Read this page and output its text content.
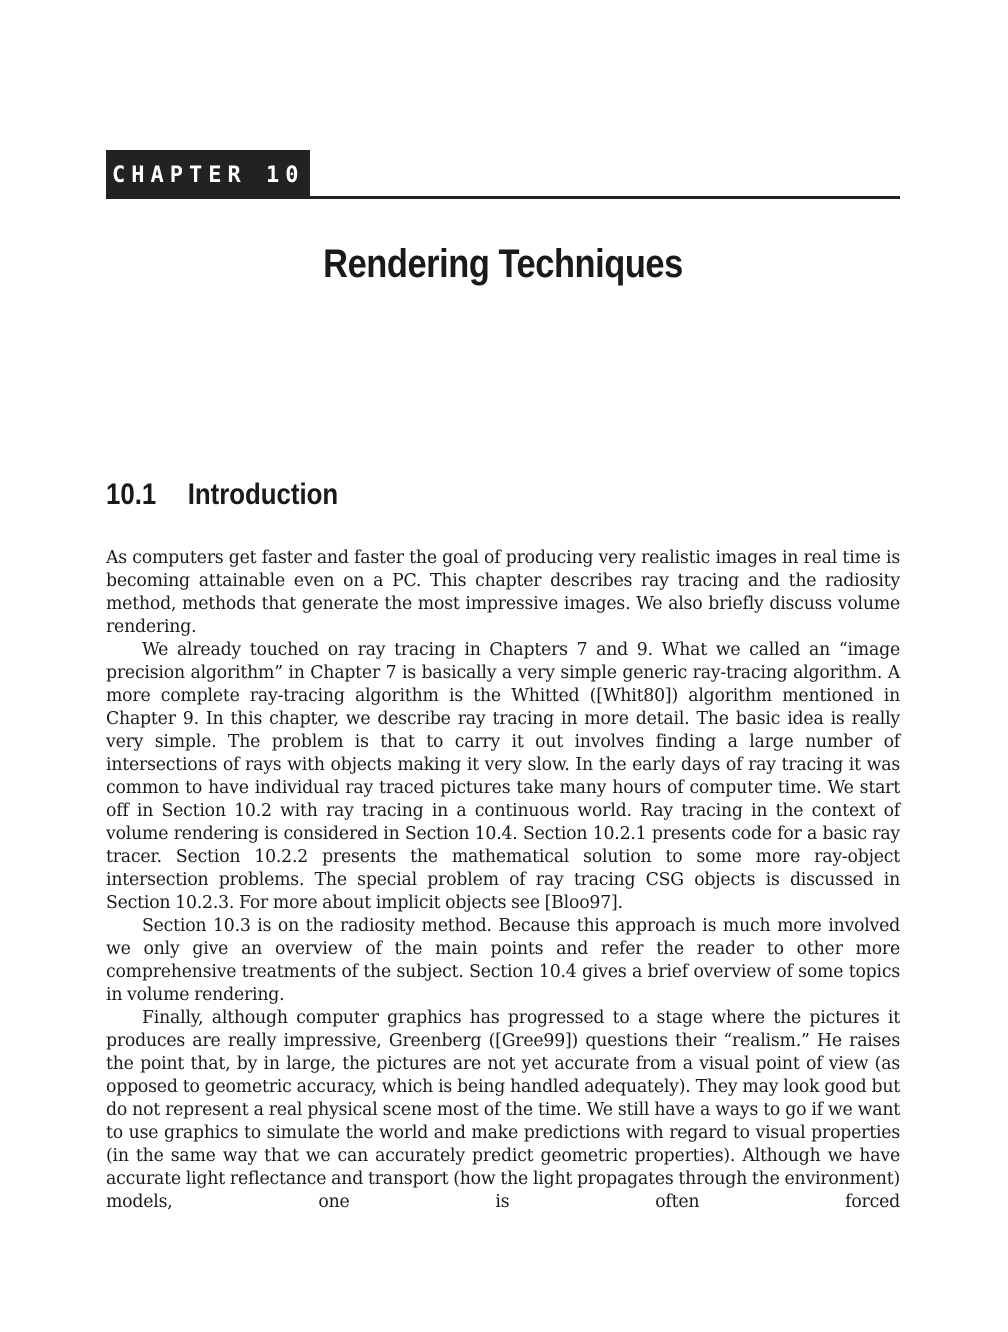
CHAPTER 10
Rendering Techniques
10.1 Introduction

As computers get faster and faster the goal of producing very realistic images in real time is becoming attainable even on a PC. This chapter describes ray tracing and the radiosity method, methods that generate the most impressive images. We also briefly discuss volume rendering.

We already touched on ray tracing in Chapters 7 and 9. What we called an “image precision algorithm” in Chapter 7 is basically a very simple generic ray-tracing algorithm. A more complete ray-tracing algorithm is the Whitted ([Whit80]) algorithm mentioned in Chapter 9. In this chapter, we describe ray tracing in more detail. The basic idea is really very simple. The problem is that to carry it out involves finding a large number of intersections of rays with objects making it very slow. In the early days of ray tracing it was common to have individual ray traced pictures take many hours of computer time. We start off in Section 10.2 with ray tracing in a continuous world. Ray tracing in the context of volume rendering is considered in Section 10.4. Section 10.2.1 presents code for a basic ray tracer. Section 10.2.2 presents the mathematical solution to some more ray-object intersection problems. The special problem of ray tracing CSG objects is discussed in Section 10.2.3. For more about implicit objects see [Bloo97].

Section 10.3 is on the radiosity method. Because this approach is much more involved we only give an overview of the main points and refer the reader to other more comprehensive treatments of the subject. Section 10.4 gives a brief overview of some topics in volume rendering.

Finally, although computer graphics has progressed to a stage where the pictures it produces are really impressive, Greenberg ([Gree99]) questions their “realism.” He raises the point that, by in large, the pictures are not yet accurate from a visual point of view (as opposed to geometric accuracy, which is being handled adequately). They may look good but do not represent a real physical scene most of the time. We still have a ways to go if we want to use graphics to simulate the world and make predictions with regard to visual properties (in the same way that we can accurately predict geometric properties). Although we have accurate light reflectance and transport (how the light propagates through the environment) models, one is often forced
